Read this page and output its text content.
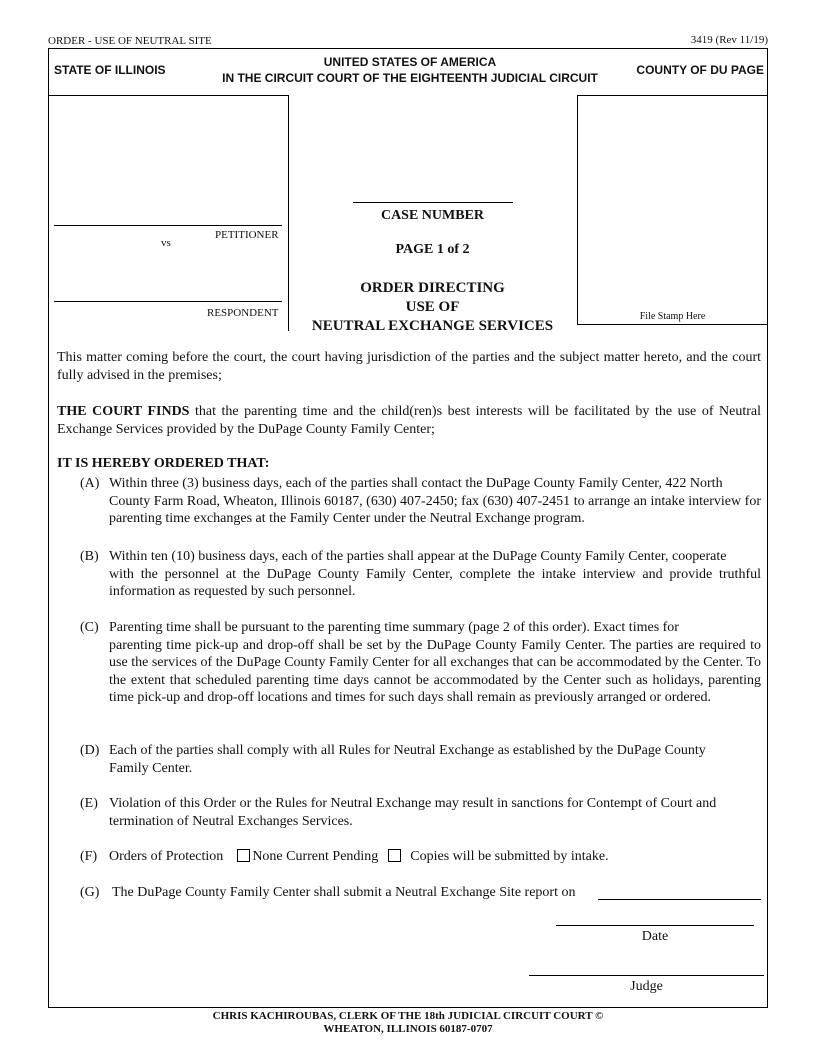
ORDER - USE OF NEUTRAL SITE	3419 (Rev 11/19)
STATE OF ILLINOIS
UNITED STATES OF AMERICA
IN THE CIRCUIT COURT OF THE EIGHTEENTH JUDICIAL CIRCUIT
COUNTY OF DU PAGE
PETITIONER
vs
RESPONDENT
CASE NUMBER
PAGE 1 of 2
ORDER DIRECTING
USE OF
NEUTRAL EXCHANGE SERVICES
File Stamp Here
This matter coming before the court, the court having jurisdiction of the parties and the subject matter hereto, and the court fully advised in the premises;
THE COURT FINDS that the parenting time and the child(ren)s best interests will be facilitated by the use of Neutral Exchange Services provided by the DuPage County Family Center;
IT IS HEREBY ORDERED THAT:
(A) Within three (3) business days, each of the parties shall contact the DuPage County Family Center, 422 North
County Farm Road, Wheaton, Illinois 60187, (630) 407-2450; fax (630) 407-2451 to arrange an intake interview for parenting time exchanges at the Family Center under the Neutral Exchange program.
(B) Within ten (10) business days, each of the parties shall appear at the DuPage County Family Center, cooperate
with the personnel at the DuPage County Family Center, complete the intake interview and provide truthful information as requested by such personnel.
(C) Parenting time shall be pursuant to the parenting time summary (page 2 of this order). Exact times for
parenting time pick-up and drop-off shall be set by the DuPage County Family Center. The parties are required to use the services of the DuPage County Family Center for all exchanges that can be accommodated by the Center. To the extent that scheduled parenting time days cannot be accommodated by the Center such as holidays, parenting time pick-up and drop-off locations and times for such days shall remain as previously arranged or ordered.
(D) Each of the parties shall comply with all Rules for Neutral Exchange as established by the DuPage County
Family Center.
(E) Violation of this Order or the Rules for Neutral Exchange may result in sanctions for Contempt of Court and
termination of Neutral Exchanges Services.
(F) Orders of Protection None Current Pending Copies will be submitted by intake.
(G) The DuPage County Family Center shall submit a Neutral Exchange Site report on
Date
Judge
CHRIS KACHIROUBAS, CLERK OF THE 18th JUDICIAL CIRCUIT COURT ©
WHEATON, ILLINOIS 60187-0707
